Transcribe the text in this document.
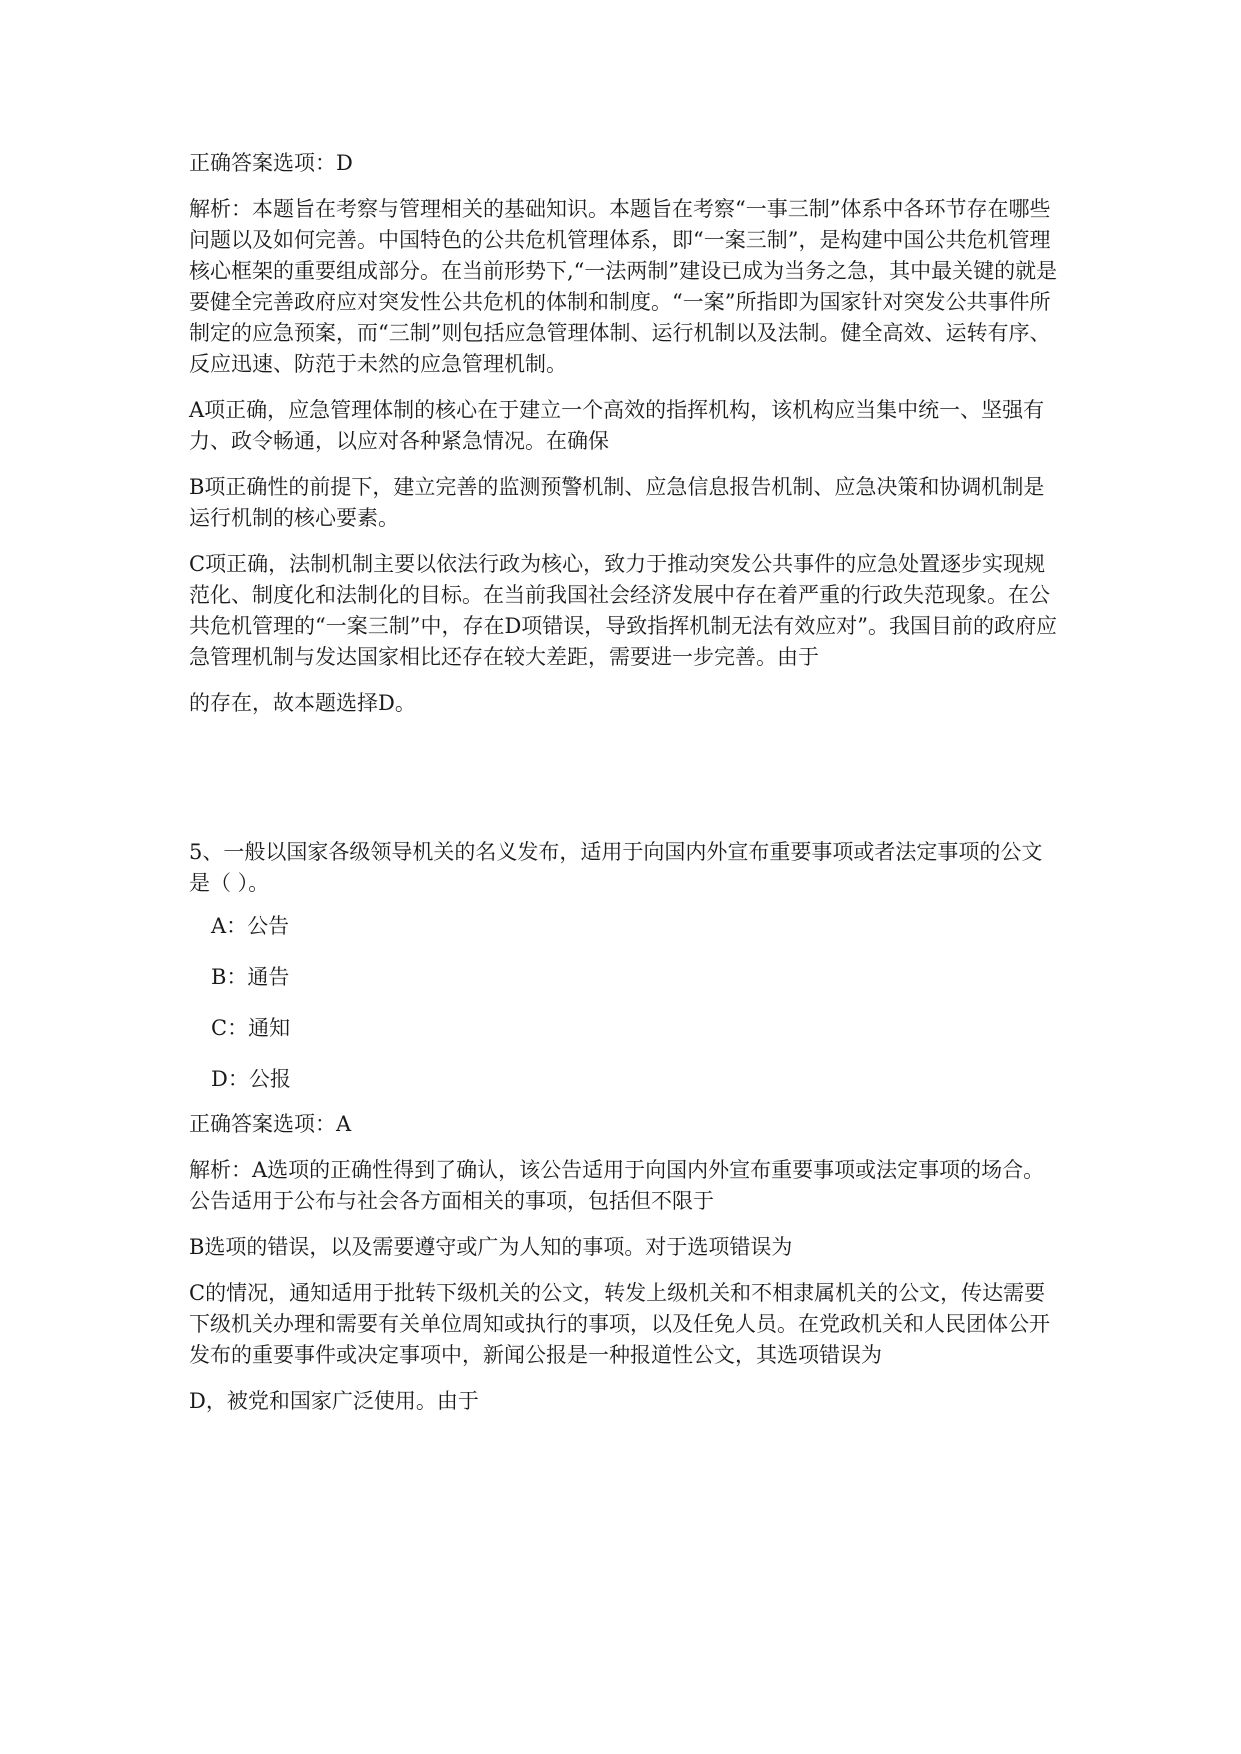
正确答案选项：D

解析：本题旨在考察与管理相关的基础知识。本题旨在考察“一事三制”体系中各环节存在哪些问题以及如何完善。中国特色的公共危机管理体系，即“一案三制”，是构建中国公共危机管理核心框架的重要组成部分。在当前形势下,“一法两制”建设已成为当务之急，其中最关键的就是要健全完善政府应对突发性公共危机的体制和制度。“一案”所指即为国家针对突发公共事件所制定的应急预案，而“三制”则包括应急管理体制、运行机制以及法制。健全高效、运转有序、反应迅速、防范于未然的应急管理机制。

A项正确，应急管理体制的核心在于建立一个高效的指挥机构，该机构应当集中统一、坚强有力、政令畅通，以应对各种紧急情况。在确保

B项正确性的前提下，建立完善的监测预警机制、应急信息报告机制、应急决策和协调机制是运行机制的核心要素。

C项正确，法制机制主要以依法行政为核心，致力于推动突发公共事件的应急处置逐步实现规范化、制度化和法制化的目标。在当前我国社会经济发展中存在着严重的行政失范现象。在公共危机管理的“一案三制”中，存在D项错误，导致指挥机制无法有效应对”。我国目前的政府应急管理机制与发达国家相比还存在较大差距，需要进一步完善。由于

的存在，故本题选择D。

5、一般以国家各级领导机关的名义发布，适用于向国内外宣布重要事项或者法定事项的公文是（ ）。

A：公告

B：通告

C：通知

D：公报

正确答案选项：A

解析：A选项的正确性得到了确认，该公告适用于向国内外宣布重要事项或法定事项的场合。公告适用于公布与社会各方面相关的事项，包括但不限于

B选项的错误，以及需要遵守或广为人知的事项。对于选项错误为

C的情况，通知适用于批转下级机关的公文，转发上级机关和不相隶属机关的公文，传达需要下级机关办理和需要有关单位周知或执行的事项，以及任免人员。在党政机关和人民团体公开发布的重要事件或决定事项中，新闻公报是一种报道性公文，其选项错误为

D，被党和国家广泛使用。由于
